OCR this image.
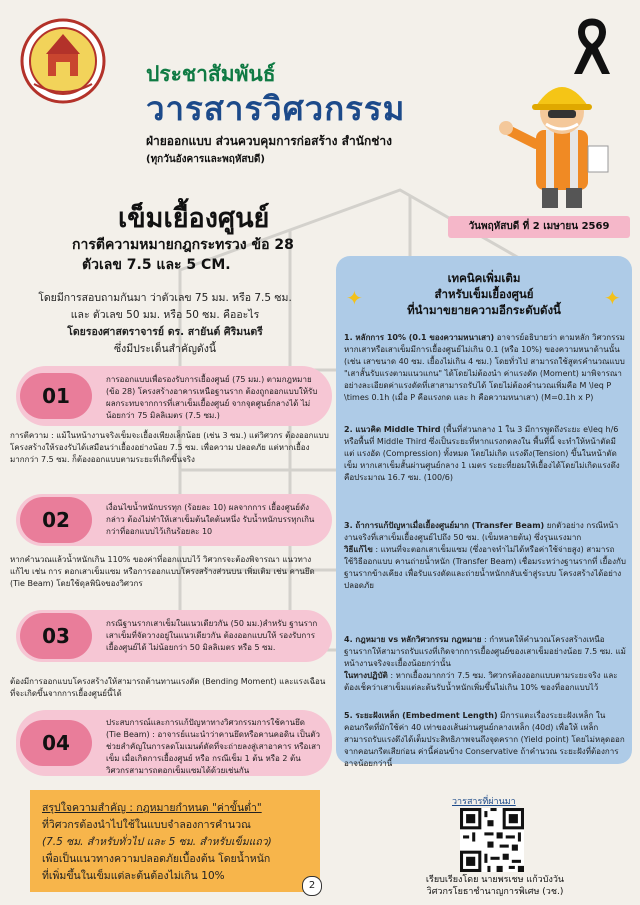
ประชาสัมพันธ์
วารสารวิศวกรรม
ฝ่ายออกแบบ ส่วนควบคุมการก่อสร้าง สำนักช่าง
(ทุกวันอังคารและพฤหัสบดี)
วันพฤหัสบดี ที่ 2 เมษายน 2569
เข็มเยื้องศูนย์
การตีความหมายกฎกระทรวง ข้อ 28
ตัวเลข 7.5 และ 5 CM.
โดยมีการสอบถามกันมา ว่าตัวเลข 75 มม. หรือ 7.5 ซม.
และ ตัวเลข 50 มม. หรือ 50 ซม. คืออะไร
โดยรองศาสตราจารย์ ดร. สายันต์ ศิริมนตรี
ซึ่งมีประเด็นสำคัญดังนี้
01
การออกแบบเพื่อรองรับการเยื้องศูนย์ (75 มม.) ตามกฎหมาย (ข้อ 28) โครงสร้างอาคารเหนือฐานราก ต้องถูกออกแบบให้รับผลกระทบจากการที่เสาเข็มเยื้องศูนย์ จากจุดศูนย์กลางได้ ไม่น้อยกว่า 75 มิลลิเมตร (7.5 ซม.)
การตีความ : แม้ในหน้างานจริงเข็มจะเยื้องเพียงเล็กน้อย (เช่น 3 ซม.) แต่วิศวกร ต้องออกแบบโครงสร้างให้รองรับได้เสมือนว่าเยื้องอย่างน้อย 7.5 ซม. เพื่อความ ปลอดภัย แต่หากเยื้องมากกว่า 7.5 ซม. ก็ต้องออกแบบตามระยะที่เกิดขึ้นจริง
02
เงื่อนไขน้ำหนักบรรทุก (ร้อยละ 10) ผลจากการ เยื้องศูนย์ดังกล่าว ต้องไม่ทำให้เสาเข็มต้นใดต้นหนึ่ง รับน้ำหนักบรรทุกเกินกว่าที่ออกแบบไว้เกินร้อยละ 10
หากคำนวณแล้วน้ำหนักเกิน 110% ของค่าที่ออกแบบไว้ วิศวกรจะต้องพิจารณา แนวทางแก้ไข เช่น การ ตอกเสาเข็มแซม หรือการออกแบบโครงสร้างส่วนบน เพิ่มเติม เช่น คานยึด (Tie Beam) โดยใช้ดุลพินิจของวิศวกร
03
กรณีฐานรากเสาเข็มในแนวเดียวกัน (50 มม.)สำหรับ ฐานรากเสาเข็มที่จัดวางอยู่ในแนวเดียวกัน ต้องออกแบบให้ รองรับการเยื้องศูนย์ได้ ไม่น้อยกว่า 50 มิลลิเมตร หรือ 5 ซม.
ต้องมีการออกแบบโครงสร้างให้สามารถต้านทานแรงดัด (Bending Moment) และแรงเฉือนที่จะเกิดขึ้นจากการเยื้องศูนย์นี้ได้
04
ประสบการณ์และการแก้ปัญหาทางวิศวกรรมการใช้คานยึด (Tie Beam) : อาจารย์แนะนำว่าคานยึดหรือคานคอดิน เป็นตัวช่วยสำคัญในการลดโมเมนต์ดัดที่จะถ่ายลงสู่เสาอาคาร หรือเสาเข็ม เมื่อเกิดการเยื้องศูนย์ หรือ กรณีเข็ม 1 ต้น หรือ 2 ต้น วิศวกรสามารถตอกเข็มแซมได้ด้วยเช่นกัน
✦	✦
เทคนิคเพิ่มเติม
สำหรับเข็มเยื้องศูนย์
ที่นำมาขยายความอีกระดับดังนี้
1. หลักการ 10% (0.1 ของความหนาเสา) อาจารย์อธิบายว่า ตามหลัก วิศวกรรม หากเสาหรือเสาเข็มมีการเยื้องศูนย์ไม่เกิน 0.1 (หรือ 10%) ของความหนาด้านนั้น (เช่น เสาขนาด 40 ซม. เยื้องไม่เกิน 4 ซม.) โดยทั่วไป สามารถใช้สูตรคำนวณแบบ "เสาสั้นรับแรงตามแนวแกน" ได้โดยไม่ต้องนำ ค่าแรงดัด (Moment) มาพิจารณาอย่างละเอียดค่าแรงดัดที่เสาสามารถรับได้ โดยไม่ต้องคำนวณเพิ่มคือ M \leq P \times 0.1h (เมื่อ P คือแรงกด และ h คือความหนาเสา) (M=0.1h x P)
2. แนวคิด Middle Third (พื้นที่ส่วนกลาง 1 ใน 3 มีการพูดถึงระยะ e\leq h/6 หรือพื้นที่ Middle Third ซึ่งเป็นระยะที่หากแรงกดลงใน พื้นที่นี้ จะทำให้หน้าตัดมีแต่ แรงอัด (Compression) ทั้งหมด โดยไม่เกิด แรงดึง(Tension) ขึ้นในหน้าตัดเข็ม หากเสาเข็มสั้นผ่านศูนย์กลาง 1 เมตร ระยะที่ยอมให้เยื้องได้โดยไม่เกิดแรงดึงคือประมาณ 16.7 ซม. (100/6)
3. ถ้าการแก้ปัญหาเมื่อเยื้องศูนย์มาก (Transfer Beam) ยกตัวอย่าง กรณีหน้างานจริงที่เสาเข็มเยื้องศูนย์ไปถึง 50 ซม. (เข็มหลายต้น) ซึ่งรุนแรงมาก
วิธีแก้ไข : แทนที่จะตอกเสาเข็มแซม (ซึ่งอาจทำไม่ได้หรือค่าใช้จ่ายสูง) สามารถ ใช้วิธีออกแบบ คานถ่ายน้ำหนัก (Transfer Beam) เชื่อมระหว่างฐานรากที่ เยื้องกับฐานรากข้างเคียง เพื่อรับแรงดัดและถ่ายน้ำหนักกลับเข้าสู่ระบบ โครงสร้างได้อย่างปลอดภัย
4. กฎหมาย vs หลักวิศวกรรม กฎหมาย : กำหนดให้คำนวณโครงสร้างเหนือ ฐานรากให้สามารถรับแรงที่เกิดจากการเยื้องศูนย์ของเสาเข็มอย่างน้อย 7.5 ซม. แม้หน้างานจริงจะเยื้องน้อยกว่านั้น
ในทางปฏิบัติ : หากเยื้องมากกว่า 7.5 ซม. วิศวกรต้องออกแบบตามระยะจริง และต้องเช็คว่าเสาเข็มแต่ละต้นรับน้ำหนักเพิ่มขึ้นไม่เกิน 10% ของที่ออกแบบไว้
5. ระยะฝังเหล็ก (Embedment Length) มีการแตะเรื่องระยะฝังเหล็ก ในคอนกรีตที่มักใช้ค่า 40 เท่าของเส้นผ่านศูนย์กลางเหล็ก (40d) เพื่อให้ เหล็กสามารถรับแรงดึงได้เต็มประสิทธิภาพจนถึงจุดคราก (Yield point) โดยไม่หลุดออกจากคอนกรีตเสียก่อน ค่านี้ค่อนข้าง Conservative ถ้าคำนวณ ระยะฝังที่ต้องการอาจน้อยกว่านี้
สรุปใจความสำคัญ : กฎหมายกำหนด "ค่าขั้นต่ำ"
ที่วิศวกรต้องนำไปใช้ในแบบจำลองการคำนวณ
(7.5 ซม. สำหรับทั่วไป และ 5 ซม. สำหรับเข็มแถว)
เพื่อเป็นแนวทางความปลอดภัยเบื้องต้น โดยน้ำหนัก
ที่เพิ่มขึ้นในเข็มแต่ละต้นต้องไม่เกิน 10%
2
วารสารที่ผ่านมา
เรียบเรียงโดย นายพรเชษ แก้วบังวัน
วิศวกรโยธาชำนาญการพิเศษ (วช.)
